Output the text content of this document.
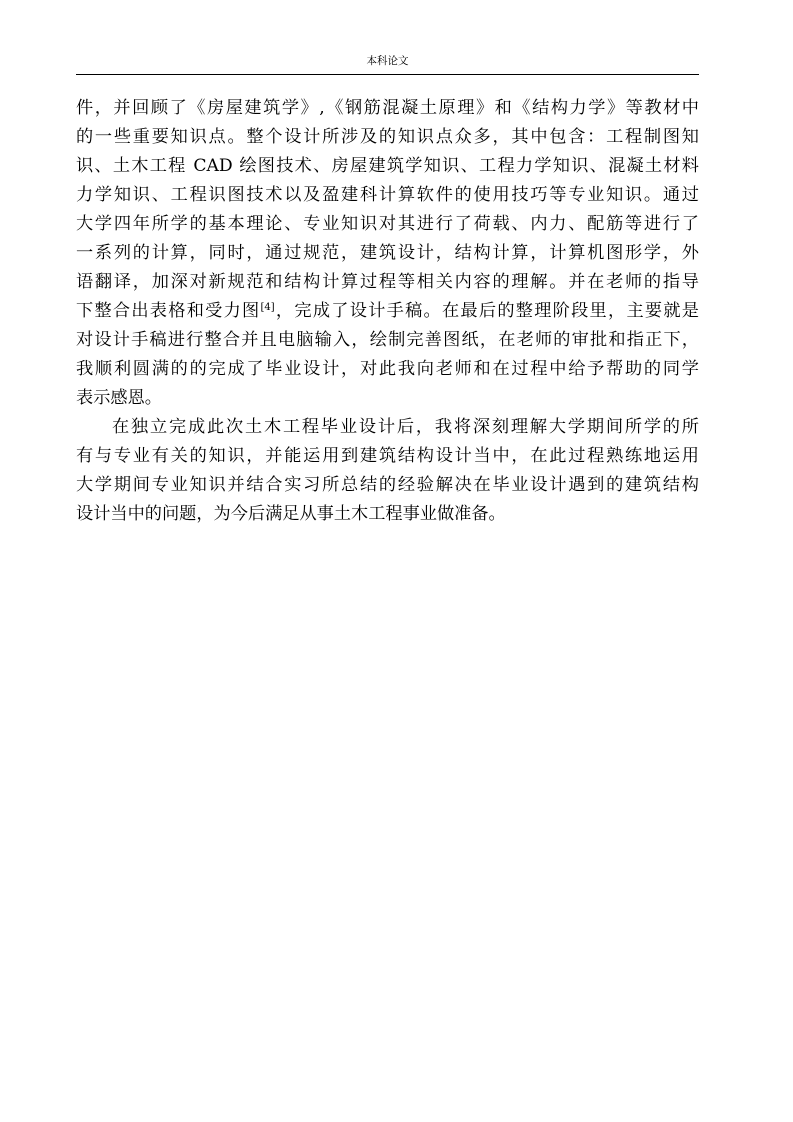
本科论文
件，并回顾了《房屋建筑学》,《钢筋混凝土原理》和《结构力学》等教材中
的一些重要知识点。整个设计所涉及的知识点众多，其中包含：工程制图知
识、土木工程 CAD 绘图技术、房屋建筑学知识、工程力学知识、混凝土材料
力学知识、工程识图技术以及盈建科计算软件的使用技巧等专业知识。通过
大学四年所学的基本理论、专业知识对其进行了荷载、内力、配筋等进行了
一系列的计算，同时，通过规范，建筑设计，结构计算，计算机图形学，外
语翻译，加深对新规范和结构计算过程等相关内容的理解。并在老师的指导
下整合出表格和受力图[4]，完成了设计手稿。在最后的整理阶段里，主要就是
对设计手稿进行整合并且电脑输入，绘制完善图纸，在老师的审批和指正下，
我顺利圆满的的完成了毕业设计，对此我向老师和在过程中给予帮助的同学
表示感恩。
在独立完成此次土木工程毕业设计后，我将深刻理解大学期间所学的所
有与专业有关的知识，并能运用到建筑结构设计当中，在此过程熟练地运用
大学期间专业知识并结合实习所总结的经验解决在毕业设计遇到的建筑结构
设计当中的问题，为今后满足从事土木工程事业做准备。
